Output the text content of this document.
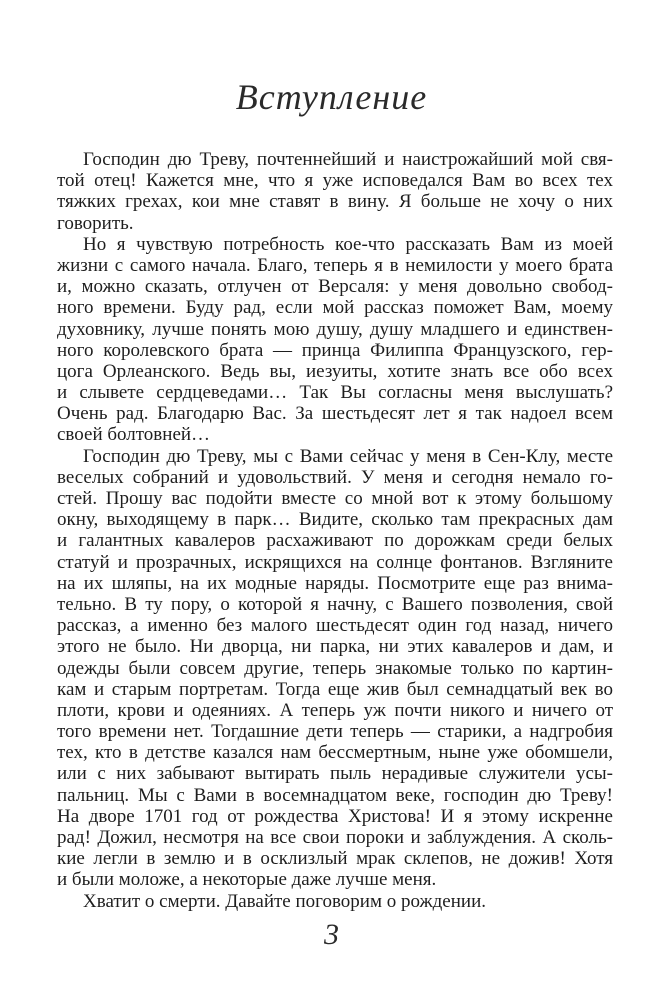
Вступление
Господин дю Треву, почтеннейший и наистрожайший мой свя-
той отец! Кажется мне, что я уже исповедался Вам во всех тех
тяжких грехах, кои мне ставят в вину. Я больше не хочу о них
говорить.
Но я чувствую потребность кое-что рассказать Вам из моей
жизни с самого начала. Благо, теперь я в немилости у моего брата
и, можно сказать, отлучен от Версаля: у меня довольно свобод-
ного времени. Буду рад, если мой рассказ поможет Вам, моему
духовнику, лучше понять мою душу, душу младшего и единствен-
ного королевского брата — принца Филиппа Французского, гер-
цога Орлеанского. Ведь вы, иезуиты, хотите знать все обо всех
и слывете сердцеведами… Так Вы согласны меня выслушать?
Очень рад. Благодарю Вас. За шестьдесят лет я так надоел всем
своей болтовней…
Господин дю Треву, мы с Вами сейчас у меня в Сен-Клу, месте
веселых собраний и удовольствий. У меня и сегодня немало го-
стей. Прошу вас подойти вместе со мной вот к этому большому
окну, выходящему в парк… Видите, сколько там прекрасных дам
и галантных кавалеров расхаживают по дорожкам среди белых
статуй и прозрачных, искрящихся на солнце фонтанов. Взгляните
на их шляпы, на их модные наряды. Посмотрите еще раз внима-
тельно. В ту пору, о которой я начну, с Вашего позволения, свой
рассказ, а именно без малого шестьдесят один год назад, ничего
этого не было. Ни дворца, ни парка, ни этих кавалеров и дам, и
одежды были совсем другие, теперь знакомые только по картин-
кам и старым портретам. Тогда еще жив был семнадцатый век во
плоти, крови и одеяниях. А теперь уж почти никого и ничего от
того времени нет. Тогдашние дети теперь — старики, а надгробия
тех, кто в детстве казался нам бессмертным, ныне уже обомшели,
или с них забывают вытирать пыль нерадивые служители усы-
пальниц. Мы с Вами в восемнадцатом веке, господин дю Треву!
На дворе 1701 год от рождества Христова! И я этому искренне
рад! Дожил, несмотря на все свои пороки и заблуждения. А сколь-
кие легли в землю и в осклизлый мрак склепов, не дожив! Хотя
и были моложе, а некоторые даже лучше меня.
Хватит о смерти. Давайте поговорим о рождении.
3
